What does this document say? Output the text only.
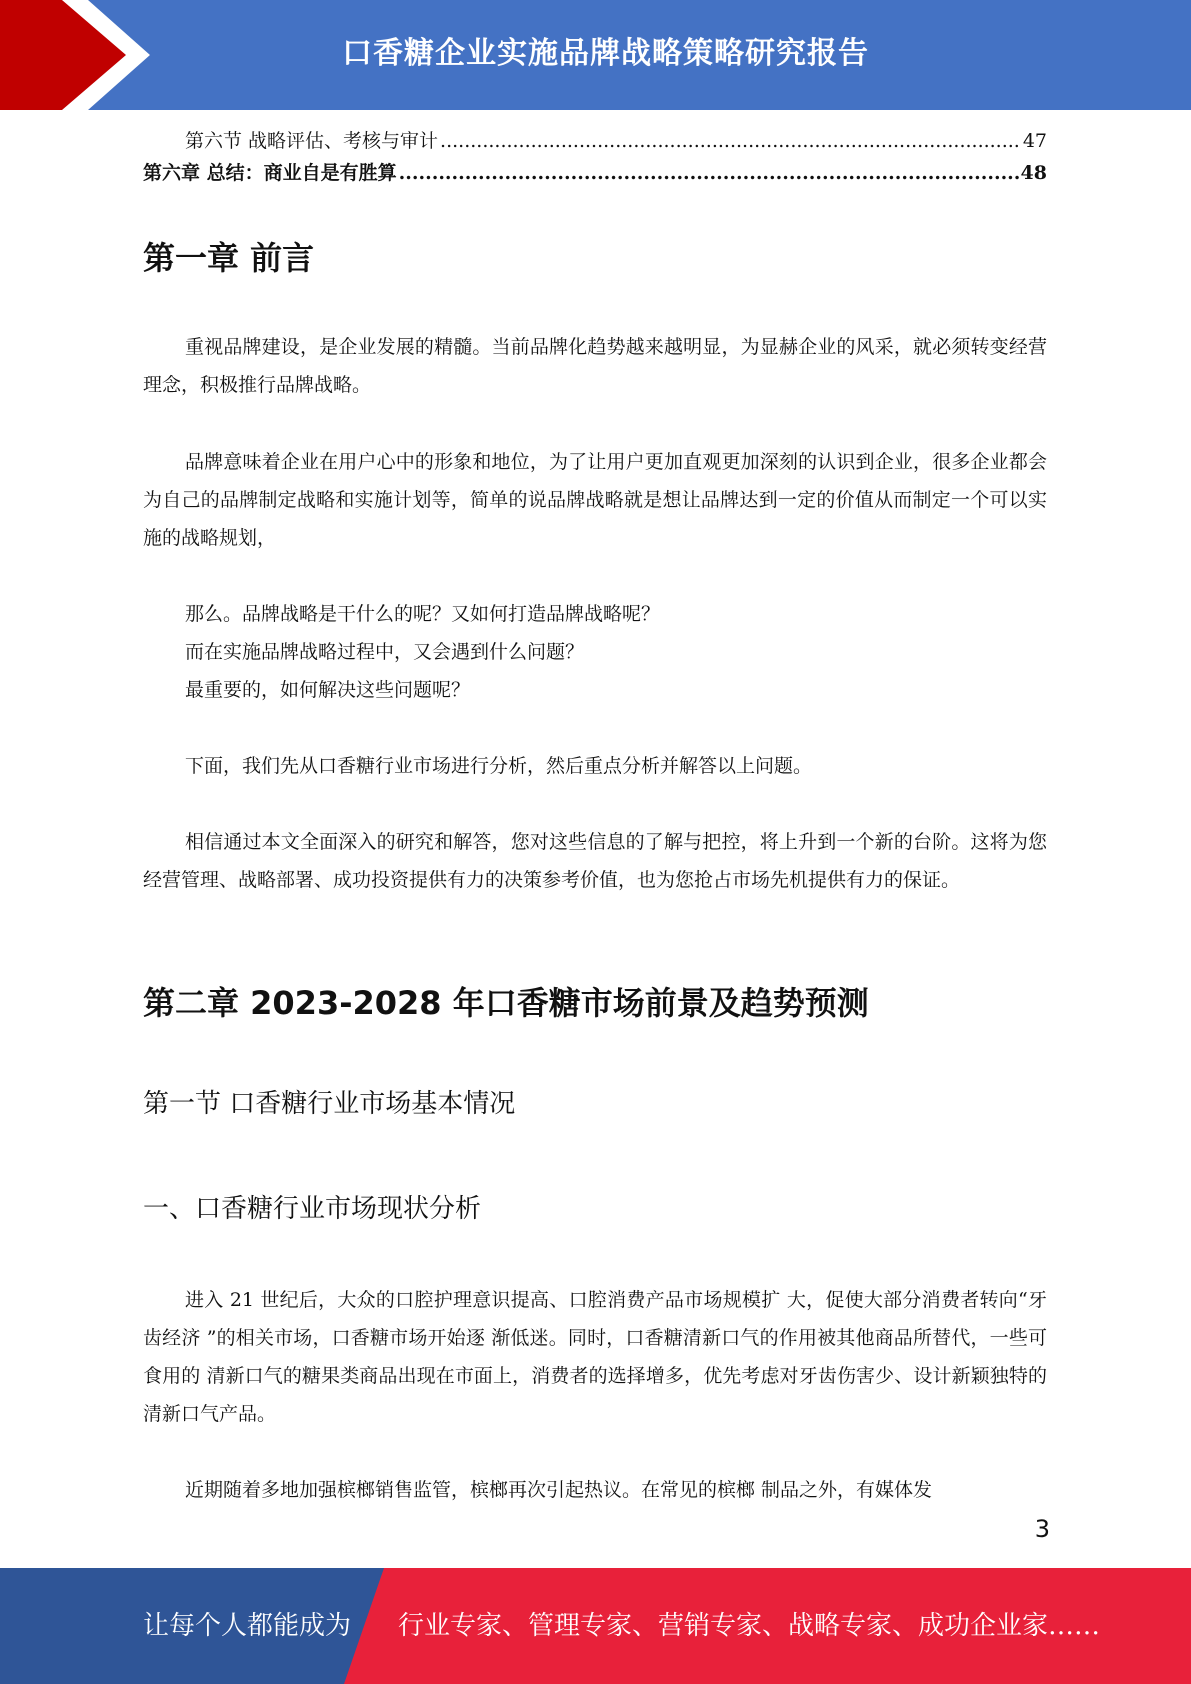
口香糖企业实施品牌战略策略研究报告
第六节 战略评估、考核与审计 .....	47
第六章 总结：商业自是有胜算 .....	48
第一章 前言

重视品牌建设，是企业发展的精髓。当前品牌化趋势越来越明显，为显赫企业的风采，就必须转变经营理念，积极推行品牌战略。

品牌意味着企业在用户心中的形象和地位，为了让用户更加直观更加深刻的认识到企业，很多企业都会为自己的品牌制定战略和实施计划等，简单的说品牌战略就是想让品牌达到一定的价值从而制定一个可以实施的战略规划，

那么。品牌战略是干什么的呢？又如何打造品牌战略呢？
而在实施品牌战略过程中，又会遇到什么问题？
最重要的，如何解决这些问题呢？

下面，我们先从口香糖行业市场进行分析，然后重点分析并解答以上问题。

相信通过本文全面深入的研究和解答，您对这些信息的了解与把控，将上升到一个新的台阶。这将为您经营管理、战略部署、成功投资提供有力的决策参考价值，也为您抢占市场先机提供有力的保证。

第二章 2023-2028 年口香糖市场前景及趋势预测
第一节 口香糖行业市场基本情况
一、口香糖行业市场现状分析

进入 21 世纪后，大众的口腔护理意识提高、口腔消费产品市场规模扩 大，促使大部分消费者转向“牙齿经济 ”的相关市场，口香糖市场开始逐 渐低迷。同时，口香糖清新口气的作用被其他商品所替代，一些可食用的 清新口气的糖果类商品出现在市面上，消费者的选择增多，优先考虑对牙齿伤害少、设计新颖独特的清新口气产品。

近期随着多地加强槟榔销售监管，槟榔再次引起热议。在常见的槟榔 制品之外，有媒体发

3
让每个人都能成为 行业专家、管理专家、营销专家、战略专家、成功企业家……
